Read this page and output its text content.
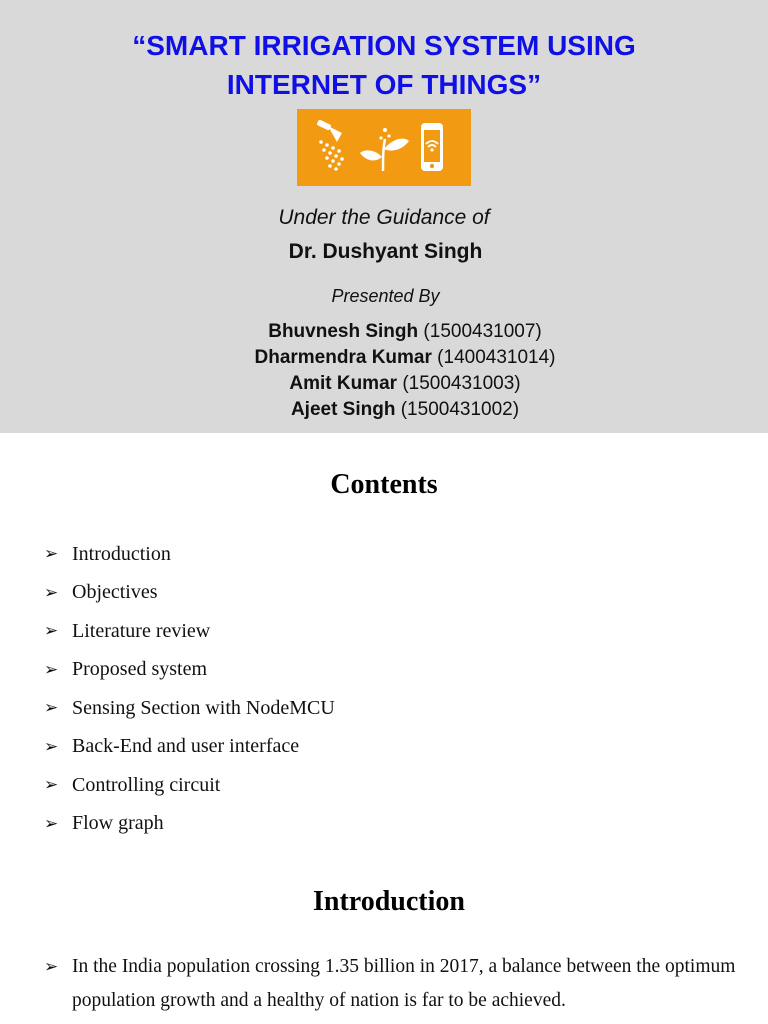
“SMART IRRIGATION SYSTEM USING
INTERNET OF THINGS”

Under the Guidance of

Dr. Dushyant Singh

Presented By

Bhuvnesh Singh (1500431007)
Dharmendra Kumar (1400431014)
Amit Kumar (1500431003)
Ajeet Singh (1500431002)
Contents
➢ Introduction
➢ Objectives
➢ Literature review
➢ Proposed system
➢ Sensing Section with NodeMCU
➢ Back-End and user interface
➢ Controlling circuit
➢ Flow graph
Introduction

➢ In the India population crossing 1.35 billion in 2017, a balance between the optimum population growth and a healthy of nation is far to be achieved.
